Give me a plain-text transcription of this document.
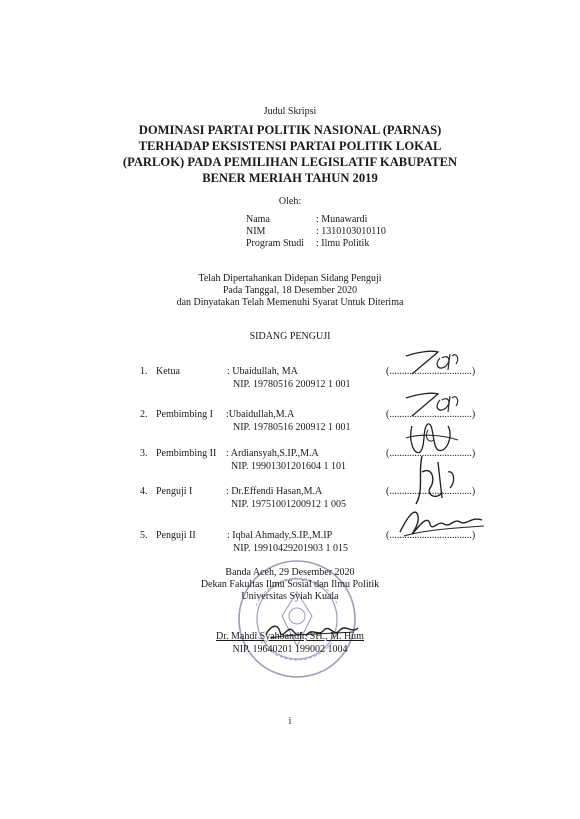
Judul Skripsi
DOMINASI PARTAI POLITIK NASIONAL (PARNAS)
TERHADAP EKSISTENSI PARTAI POLITIK LOKAL
(PARLOK) PADA PEMILIHAN LEGISLATIF KABUPATEN
BENER MERIAH TAHUN 2019
Oleh:
Nama	: Munawardi
NIM	: 1310103010110
Program Studi : Ilmu Politik
Telah Dipertahankan Didepan Sidang Penguji
Pada Tanggal, 18 Desember 2020
dan Dinyatakan Telah Memenuhi Syarat Untuk Diterima
SIDANG PENGUJI
1. Ketua	: Ubaidullah, MA
NIP. 19780516 200912 1 001
(.................................)
2. Pembimbing I :Ubaidullah,M.A
NIP. 19780516 200912 1 001
(.................................)
3. Pembimbing II : Ardiansyah,S.IP.,M.A
NIP. 19901301201604 1 101
(.................................)
4. Penguji I	: Dr.Effendi Hasan,M.A
NIP. 19751001200912 1 005
(.................................)
5. Penguji II	: Iqbal Ahmady,S.IP.,M.IP
NIP. 19910429201903 1 015
(.................................)
Banda Aceh, 29 Desember 2020
Dekan Fakultas Ilmu Sosial dan Ilmu Politik
Universitas Syiah Kuala
Dr. Mahdi Syahbandir, SH., M. Hum
NIP. 19640201 199002 1004
i
